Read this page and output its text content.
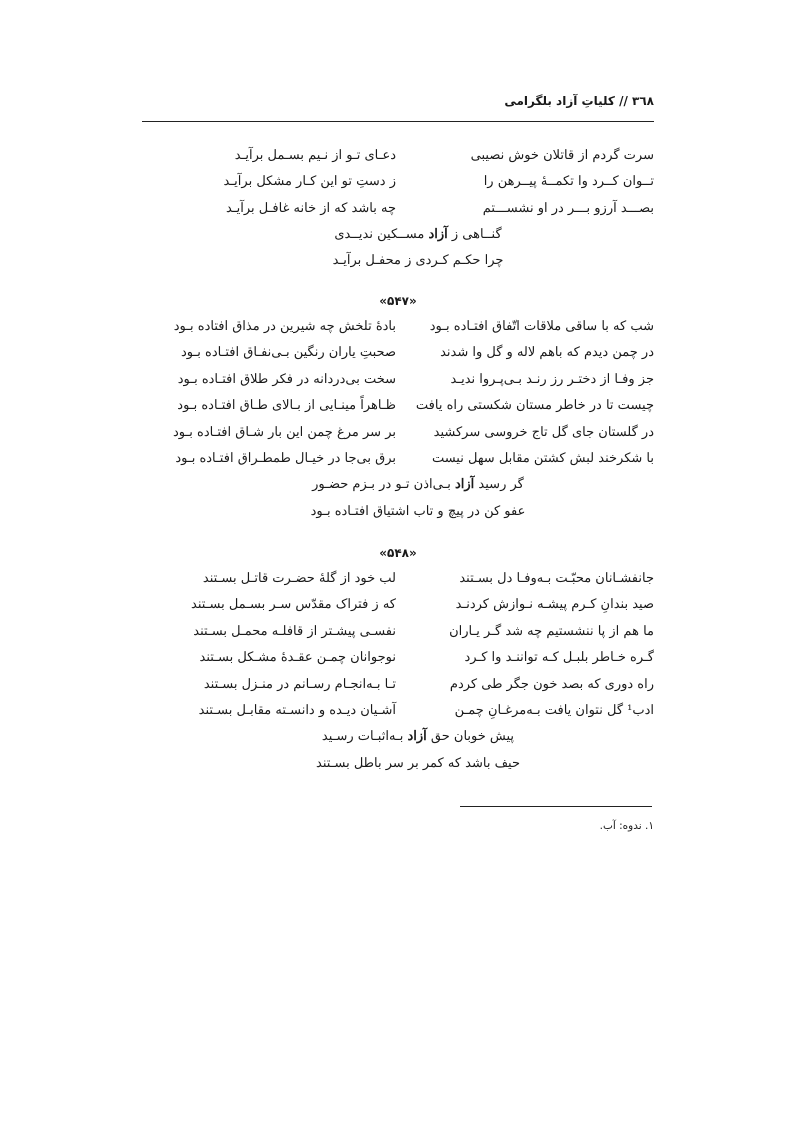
٣٦٨ // کلیاتِ آزاد بلگرامی
سرت گردم از قاتلان خوش نصیبی
دعـای تـو از نـیم بسـمل برآیـد
تــوان کــرد وا تکمــۀ پیــرهن را
ز دستِ تو این کـار مشکل برآیـد
بصـــد آرزو بـــر در او نشســـتم
چه باشد که از خانه غافـل برآیـد
گنــاهی ز آزاد مســکین ندیــدی
چرا حکـم کـردی ز محفـل برآیـد
«۵۴۷»
شب که با ساقی ملاقات اتّفاق افتـاده بـود
بادۀ تلخش چه شیرین در مذاق افتاده بـود
در چمن دیدم که باهم لاله و گل وا شدند
صحبتِ یاران رنگین بـی‌نفـاق افتـاده بـود
جز وفـا از دختـر رز رنـد بـی‌پـروا ندیـد
سخت بی‌دردانه در فکر طلاق افتـاده بـود
چیست تا در خاطر مستان شکستی راه یافت
ظـاهراً مینـایی از بـالای طـاق افتـاده بـود
در گلستان جای گل تاج خروسی سرکشید
بر سر مرغ چمن این بار شـاق افتـاده بـود
با شکرخند لبش کشتن مقابل سهل نیست
برق بی‌جا در خیـال طمطـراق افتـاده بـود
گر رسید آزاد بـی‌اذن تـو در بـزم حضـور
عفو کن در پیچ و تاب اشتیاق افتـاده بـود
«۵۴۸»
جانفشـانان محبّـت بـه‌وفـا دل بسـتند
لب خود از گلۀ حضـرت قاتـل بسـتند
صید بندانِ کـرم پیشـه نـوازش کردنـد
که ز فتراک مقدّس سـر بسـمل بسـتند
ما هم از پا ننشستیم چه شد گـر یـاران
نفسـی پیشـتر از قافلـه محمـل بسـتند
گـره خـاطر بلبـل کـه تواننـد وا کـرد
نوجوانان چمـن عقـدۀ مشـکل بسـتند
راه دوری که بصد خون جگر طی کردم
تـا بـه‌انجـام رسـانم در منـزل بسـتند
ادب¹ گل نتوان یافت بـه‌مرغـانِ چمـن
آشـیان دیـده و دانسـته مقابـل بسـتند
پیش خوبان حق آزاد بـه‌اثبـات رسـید
حیف باشد که کمر بر سر باطل بسـتند
١. ندوه: آب.
